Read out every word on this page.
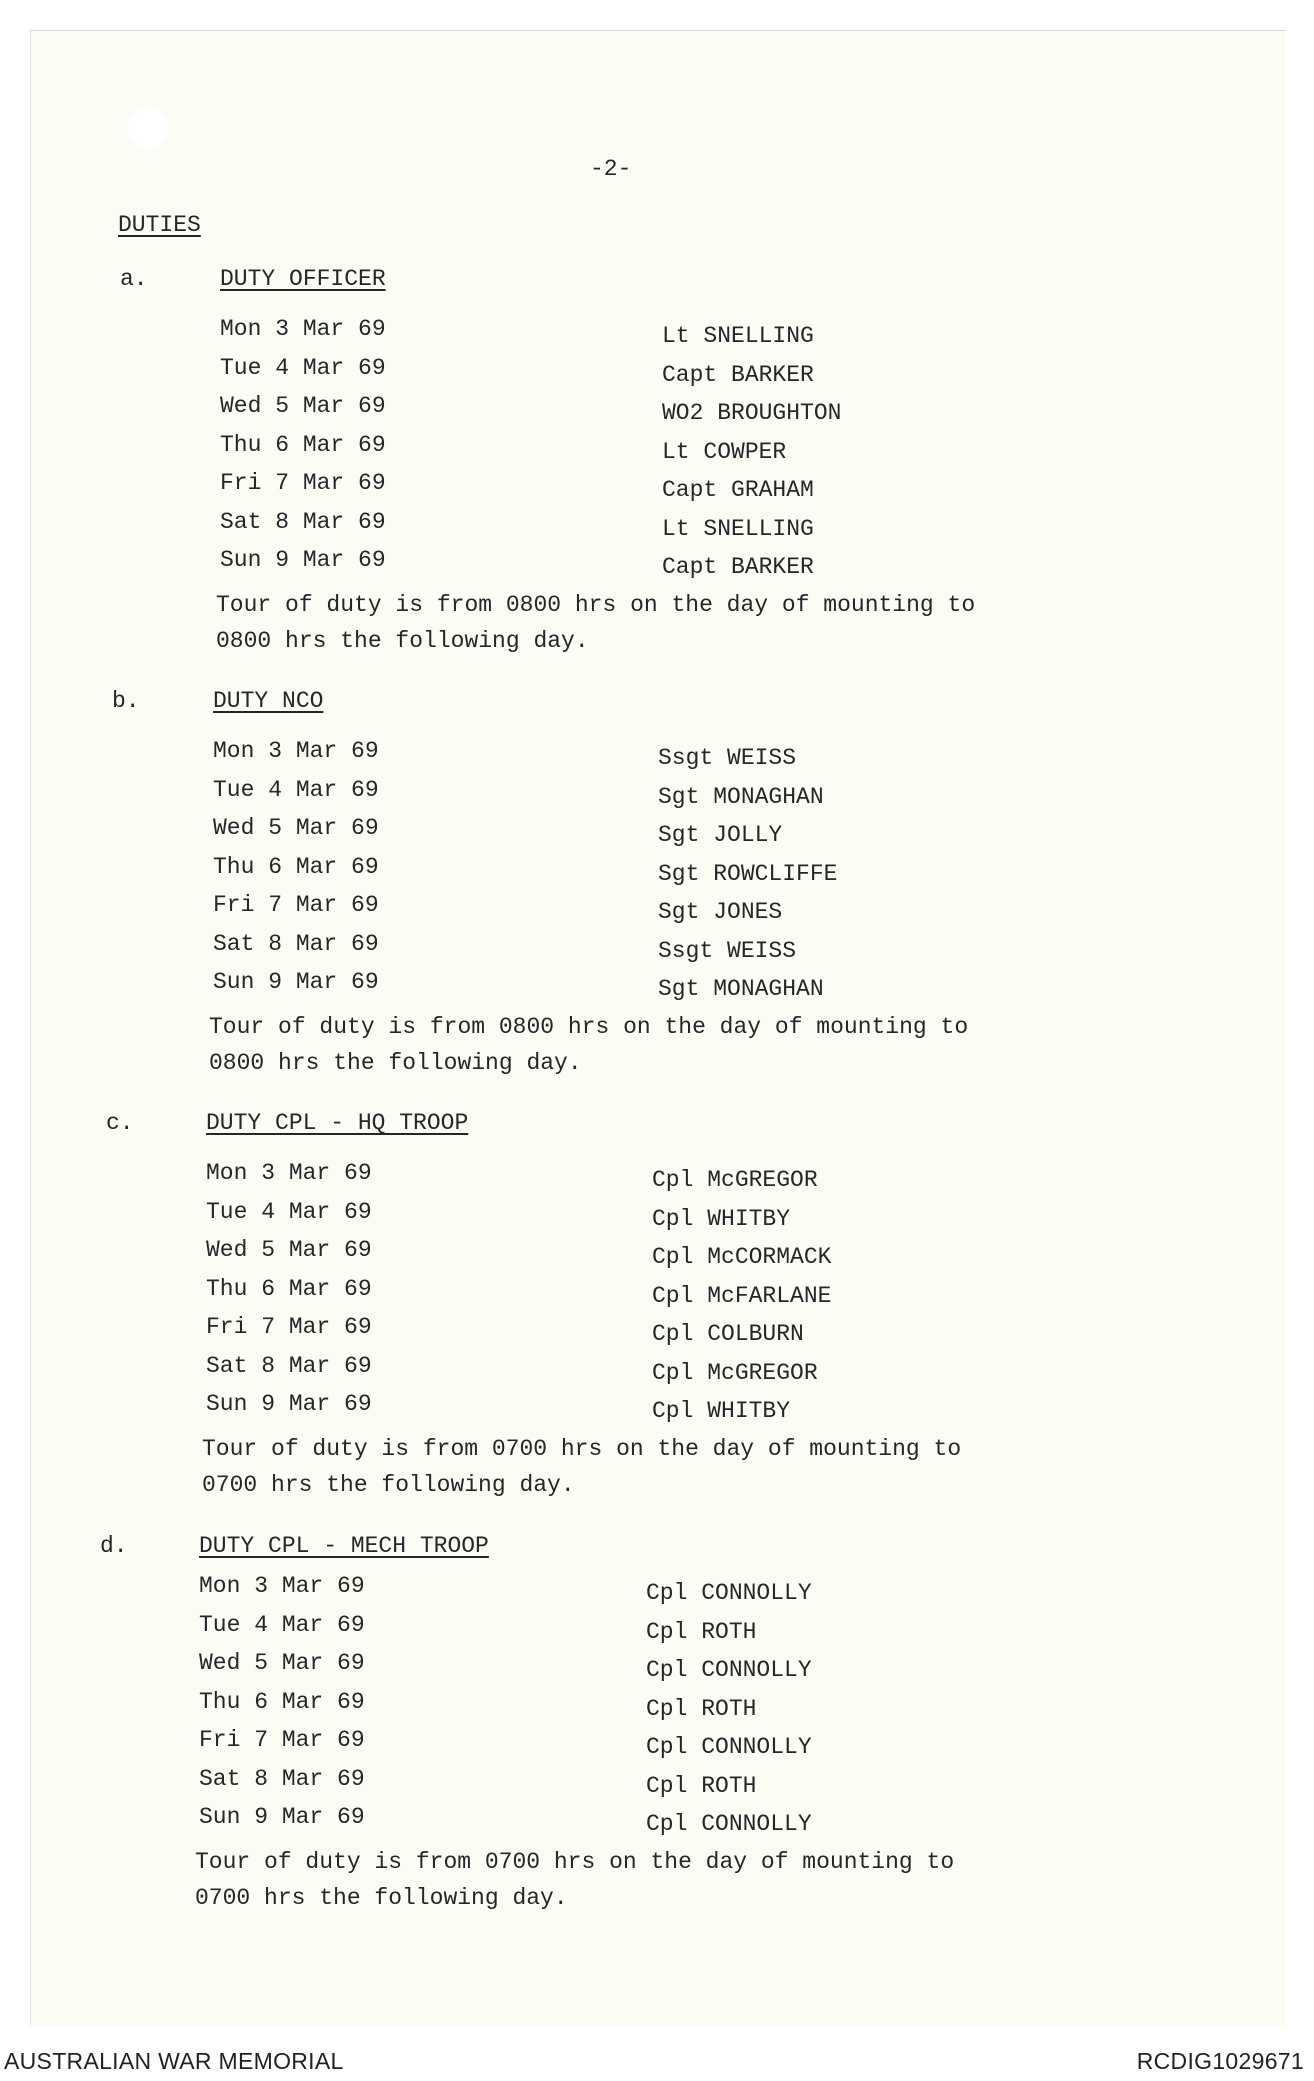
-2-
DUTIES
a.	DUTY OFFICER
Mon 3 Mar 69	Lt SNELLING
Tue 4 Mar 69	Capt BARKER
Wed 5 Mar 69	WO2 BROUGHTON
Thu 6 Mar 69	Lt COWPER
Fri 7 Mar 69	Capt GRAHAM
Sat 8 Mar 69	Lt SNELLING
Sun 9 Mar 69	Capt BARKER
Tour of duty is from 0800 hrs on the day of mounting to
0800 hrs the following day.
b.	DUTY NCO
Mon 3 Mar 69	Ssgt WEISS
Tue 4 Mar 69	Sgt MONAGHAN
Wed 5 Mar 69	Sgt JOLLY
Thu 6 Mar 69	Sgt ROWCLIFFE
Fri 7 Mar 69	Sgt JONES
Sat 8 Mar 69	Ssgt WEISS
Sun 9 Mar 69	Sgt MONAGHAN
Tour of duty is from 0800 hrs on the day of mounting to
0800 hrs the following day.
c.	DUTY CPL - HQ TROOP
Mon 3 Mar 69	Cpl McGREGOR
Tue 4 Mar 69	Cpl WHITBY
Wed 5 Mar 69	Cpl McCORMACK
Thu 6 Mar 69	Cpl McFARLANE
Fri 7 Mar 69	Cpl COLBURN
Sat 8 Mar 69	Cpl McGREGOR
Sun 9 Mar 69	Cpl WHITBY
Tour of duty is from 0700 hrs on the day of mounting to
0700 hrs the following day.
d.	DUTY CPL - MECH TROOP
Mon 3 Mar 69	Cpl CONNOLLY
Tue 4 Mar 69	Cpl ROTH
Wed 5 Mar 69	Cpl CONNOLLY
Thu 6 Mar 69	Cpl ROTH
Fri 7 Mar 69	Cpl CONNOLLY
Sat 8 Mar 69	Cpl ROTH
Sun 9 Mar 69	Cpl CONNOLLY
Tour of duty is from 0700 hrs on the day of mounting to
0700 hrs the following day.
AUSTRALIAN WAR MEMORIAL	RCDIG1029671
